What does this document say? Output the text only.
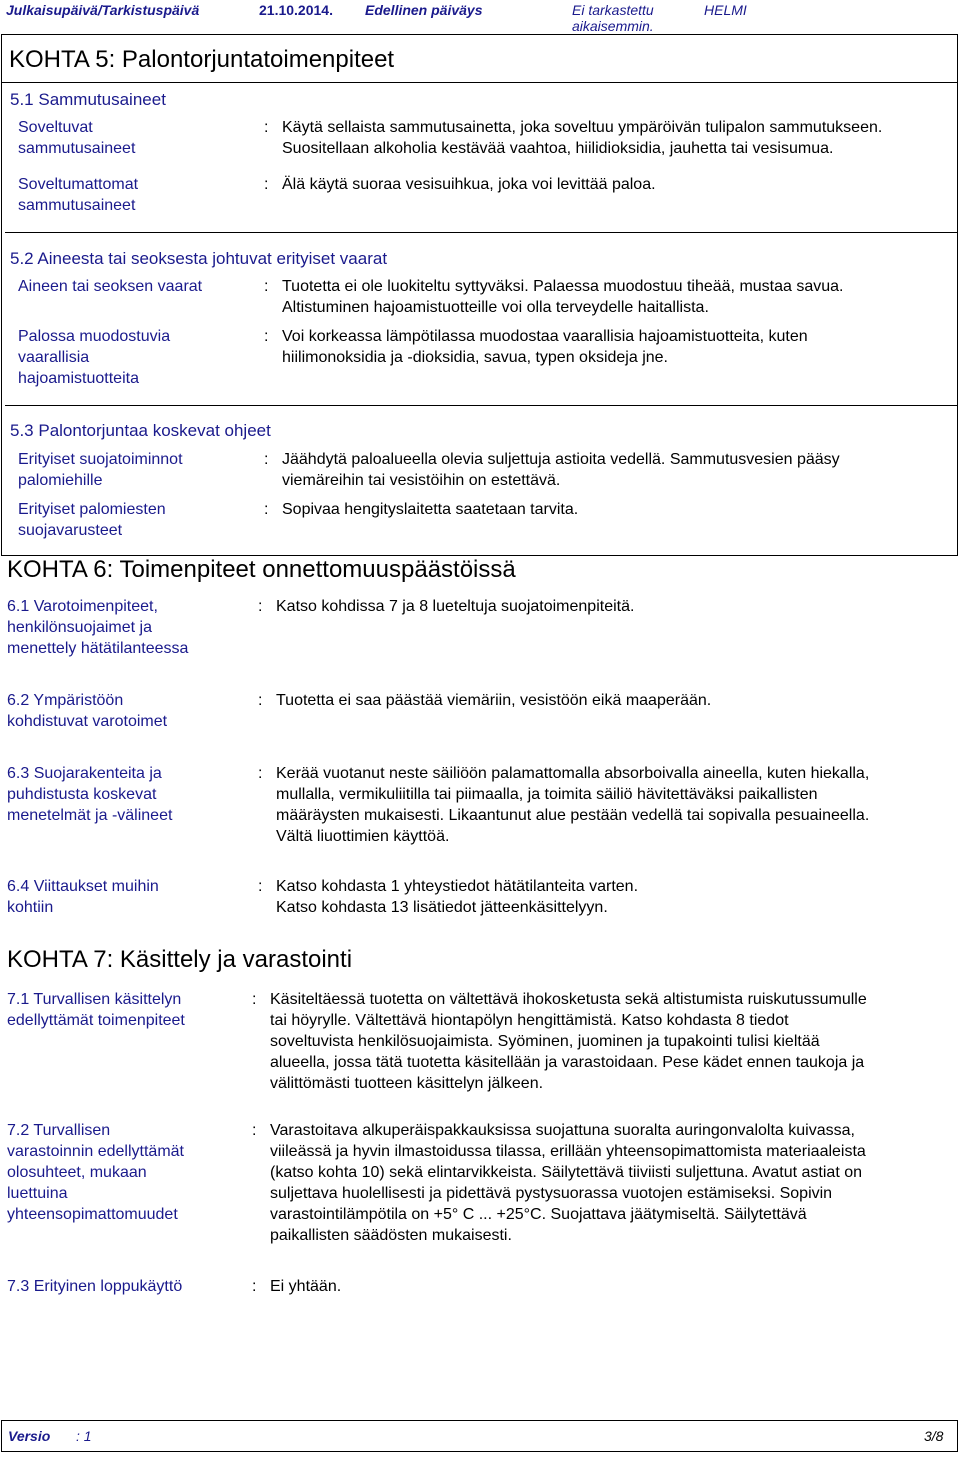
Julkaisupäivä/Tarkistuspäivä	21.10.2014. Edellinen päiväys	Ei tarkastettu aikaisemmin.
HELMI
KOHTA 5: Palontorjuntatoimenpiteet
5.1 Sammutusaineet
Soveltuvat
sammutusaineet
: Käytä sellaista sammutusainetta, joka soveltuu ympäröivän tulipalon sammutukseen.
Suositellaan alkoholia kestävää vaahtoa, hiilidioksidia, jauhetta tai vesisumua.
Soveltumattomat
sammutusaineet
: Älä käytä suoraa vesisuihkua, joka voi levittää paloa.
5.2 Aineesta tai seoksesta johtuvat erityiset vaarat
Aineen tai seoksen vaarat	: Tuotetta ei ole luokiteltu syttyväksi. Palaessa muodostuu tiheää, mustaa savua.
Altistuminen hajoamistuotteille voi olla terveydelle haitallista.
Palossa muodostuvia
vaarallisia
hajoamistuotteita
: Voi korkeassa lämpötilassa muodostaa vaarallisia hajoamistuotteita, kuten
hiilimonoksidia ja -dioksidia, savua, typen oksideja jne.
5.3 Palontorjuntaa koskevat ohjeet
Erityiset suojatoiminnot
palomiehille
: Jäähdytä paloalueella olevia suljettuja astioita vedellä. Sammutusvesien pääsy
viemäreihin tai vesistöihin on estettävä.
Erityiset palomiesten
suojavarusteet
: Sopivaa hengityslaitetta saatetaan tarvita.
KOHTA 6: Toimenpiteet onnettomuuspäästöissä
6.1 Varotoimenpiteet,
henkilönsuojaimet ja
menettely hätätilanteessa
: Katso kohdissa 7 ja 8 lueteltuja suojatoimenpiteitä.
6.2 Ympäristöön
kohdistuvat varotoimet
: Tuotetta ei saa päästää viemäriin, vesistöön eikä maaperään.
6.3 Suojarakenteita ja
puhdistusta koskevat
menetelmät ja -välineet
: Kerää vuotanut neste säiliöön palamattomalla absorboivalla aineella, kuten hiekalla,
mullalla, vermikuliitilla tai piimaalla, ja toimita säiliö hävitettäväksi paikallisten
määräysten mukaisesti. Likaantunut alue pestään vedellä tai sopivalla pesuaineella.
Vältä liuottimien käyttöä.
6.4 Viittaukset muihin
kohtiin
: Katso kohdasta 1 yhteystiedot hätätilanteita varten.
Katso kohdasta 13 lisätiedot jätteenkäsittelyyn.
KOHTA 7: Käsittely ja varastointi
7.1 Turvallisen käsittelyn
edellyttämät toimenpiteet
: Käsiteltäessä tuotetta on vältettävä ihokosketusta sekä altistumista ruiskutussumulle
tai höyrylle. Vältettävä hiontapölyn hengittämistä. Katso kohdasta 8 tiedot
soveltuvista henkilösuojaimista. Syöminen, juominen ja tupakointi tulisi kieltää
alueella, jossa tätä tuotetta käsitellään ja varastoidaan. Pese kädet ennen taukoja ja
välittömästi tuotteen käsittelyn jälkeen.
7.2 Turvallisen
varastoinnin edellyttämät
olosuhteet, mukaan
luettuina
yhteensopimattomuudet
: Varastoitava alkuperäispakkauksissa suojattuna suoralta auringonvalolta kuivassa,
viileässä ja hyvin ilmastoidussa tilassa, erillään yhteensopimattomista materiaaleista
(katso kohta 10) sekä elintarvikkeista. Säilytettävä tiiviisti suljettuna. Avatut astiat on
suljettava huolellisesti ja pidettävä pystysuorassa vuotojen estämiseksi. Sopivin
varastointilämpötila on +5° C ... +25°C. Suojattava jäätymiseltä. Säilytettävä
paikallisten säädösten mukaisesti.
7.3 Erityinen loppukäyttö	: Ei yhtään.
Versio : 1	3/8
